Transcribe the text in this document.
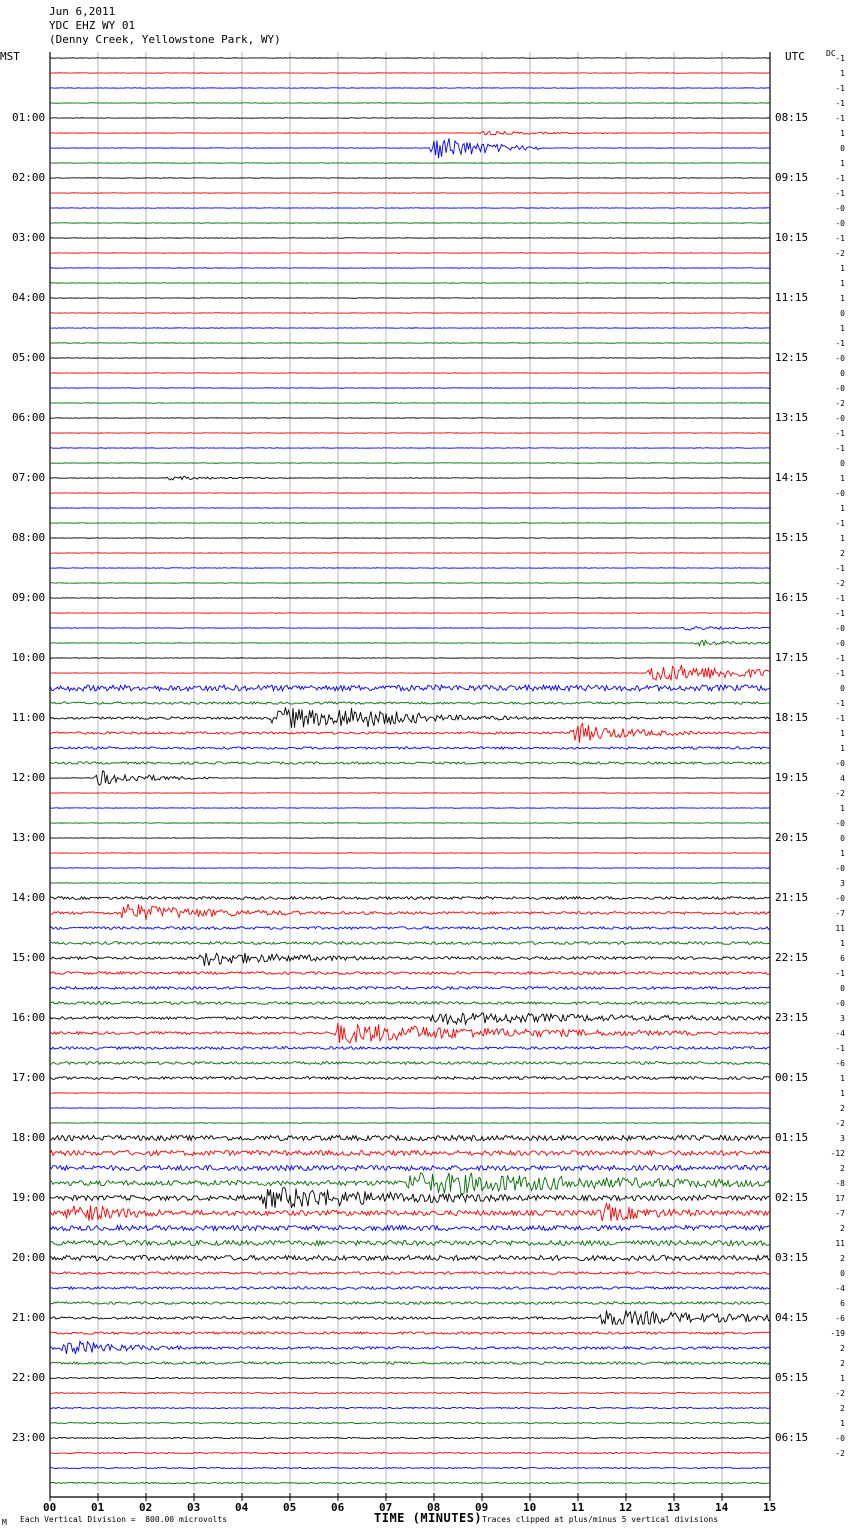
Jun 6,2011
YDC EHZ WY 01
(Denny Creek, Yellowstone Park, WY)
MST	UTC	DC
01:00
02:00
03:00
04:00
05:00
06:00
07:00
08:00
09:00
10:00
11:00
12:00
13:00
14:00
15:00
16:00
17:00
18:00
19:00
20:00
21:00
22:00
23:00
08:15
09:15
10:15
11:15
12:15
13:15
14:15
15:15
16:15
17:15
18:15
19:15
20:15
21:15
22:15
23:15
00:15
01:15
02:15
03:15
04:15
05:15
06:15
-1
1
-1
-1
-1
1
0
1
-1
-1
-0
-0
-1
-2
1
1
1
0
1
-1
-0
0
-0
-2
-0
-1
-1
0
1
-0
1
-1
1
2
-1
-2
-1
-1
-0
-0
-1
-1
0
-1
-1
1
1
-0
4
-2
1
-0
0
1
-0
3
-0
-7
11
1
6
-1
0
-0
3
-4
-1
-6
1
1
2
-2
3
-12
2
-8
17
-7
2
11
2
0
-4
6
-6
-19
2
2
1
-2
2
1
-0
-2
00	01	02	03	04	05	06	07	08	09	10	11	12	13	14	15
M Each Vertical Division =  800.00 microvolts	TIME (MINUTES) Traces clipped at plus/minus 5 vertical divisions
